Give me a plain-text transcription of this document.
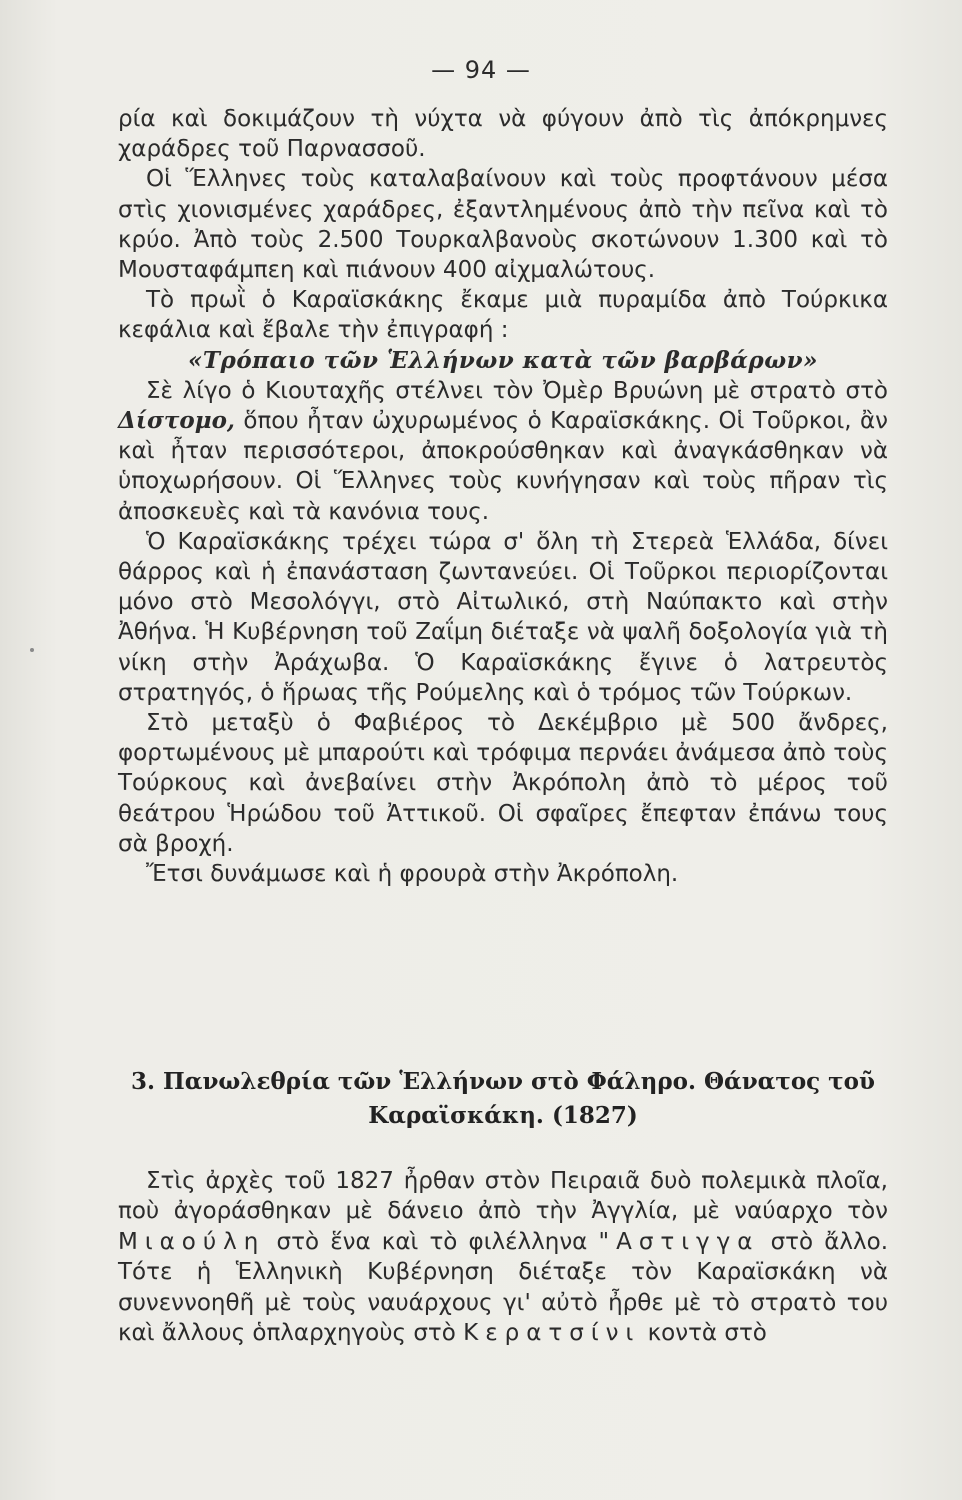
— 94 —

ρία καὶ δοκιμάζουν τὴ νύχτα νὰ φύγουν ἀπὸ τὶς ἀπόκρημνες χαράδρες τοῦ Παρνασσοῦ.

Οἱ Ἕλληνες τοὺς καταλαβαίνουν καὶ τοὺς προφτάνουν μέσα στὶς χιονισμένες χαράδρες, ἐξαντλημένους ἀπὸ τὴν πεῖνα καὶ τὸ κρύο. Ἀπὸ τοὺς 2.500 Τουρκαλβανοὺς σκοτώνουν 1.300 καὶ τὸ Μουσταφάμπεη καὶ πιάνουν 400 αἰχμαλώτους.

Τὸ πρωῒ ὁ Καραϊσκάκης ἔκαμε μιὰ πυραμίδα ἀπὸ Τούρκικα κεφάλια καὶ ἔβαλε τὴν ἐπιγραφή :

«Τρόπαιο τῶν Ἑλλήνων κατὰ τῶν βαρβάρων»

Σὲ λίγο ὁ Κιουταχῆς στέλνει τὸν Ὀμὲρ Βρυώνη μὲ στρατὸ στὸ Δίστομο, ὅπου ἦταν ὠχυρωμένος ὁ Καραϊσκάκης. Οἱ Τοῦρκοι, ἂν καὶ ἦταν περισσότεροι, ἀποκρούσθηκαν καὶ ἀναγκάσθηκαν νὰ ὑποχωρήσουν. Οἱ Ἕλληνες τοὺς κυνήγησαν καὶ τοὺς πῆραν τὶς ἀποσκευὲς καὶ τὰ κανόνια τους.

Ὁ Καραϊσκάκης τρέχει τώρα σ' ὅλη τὴ Στερεὰ Ἑλλάδα, δίνει θάρρος καὶ ἡ ἐπανάσταση ζωντανεύει. Οἱ Τοῦρκοι περιορίζονται μόνο στὸ Μεσολόγγι, στὸ Αἰτωλικό, στὴ Ναύπακτο καὶ στὴν Ἀθήνα. Ἡ Κυβέρνηση τοῦ Ζαΐμη διέταξε νὰ ψαλῆ δοξολογία γιὰ τὴ νίκη στὴν Ἀράχωβα. Ὁ Καραϊσκάκης ἔγινε ὁ λατρευτὸς στρατηγός, ὁ ἥρωας τῆς Ρούμελης καὶ ὁ τρόμος τῶν Τούρκων.

Στὸ μεταξὺ ὁ Φαβιέρος τὸ Δεκέμβριο μὲ 500 ἄνδρες, φορτωμένους μὲ μπαρούτι καὶ τρόφιμα περνάει ἀνάμεσα ἀπὸ τοὺς Τούρκους καὶ ἀνεβαίνει στὴν Ἀκρόπολη ἀπὸ τὸ μέρος τοῦ θεάτρου Ἡρώδου τοῦ Ἀττικοῦ. Οἱ σφαῖρες ἔπεφταν ἐπάνω τους σὰ βροχή.

Ἔτσι δυνάμωσε καὶ ἡ φρουρὰ στὴν Ἀκρόπολη.

3. Πανωλεθρία τῶν Ἑλλήνων στὸ Φάληρο. Θάνατος τοῦ
Καραϊσκάκη. (1827)

Στὶς ἀρχὲς τοῦ 1827 ἦρθαν στὸν Πειραιᾶ δυὸ πολεμικὰ πλοῖα, ποὺ ἀγοράσθηκαν μὲ δάνειο ἀπὸ τὴν Ἀγγλία, μὲ ναύαρχο τὸν Μιαούλη στὸ ἕνα καὶ τὸ φιλέλληνα "Αστιγγα στὸ ἄλλο. Τότε ἡ Ἑλληνικὴ Κυβέρνηση διέταξε τὸν Καραϊσκάκη νὰ συνεννοηθῆ μὲ τοὺς ναυάρχους γι' αὐτὸ ἦρθε μὲ τὸ στρατὸ του καὶ ἄλλους ὁπλαρχηγοὺς στὸ Κερατσίνι κοντὰ στὸ
